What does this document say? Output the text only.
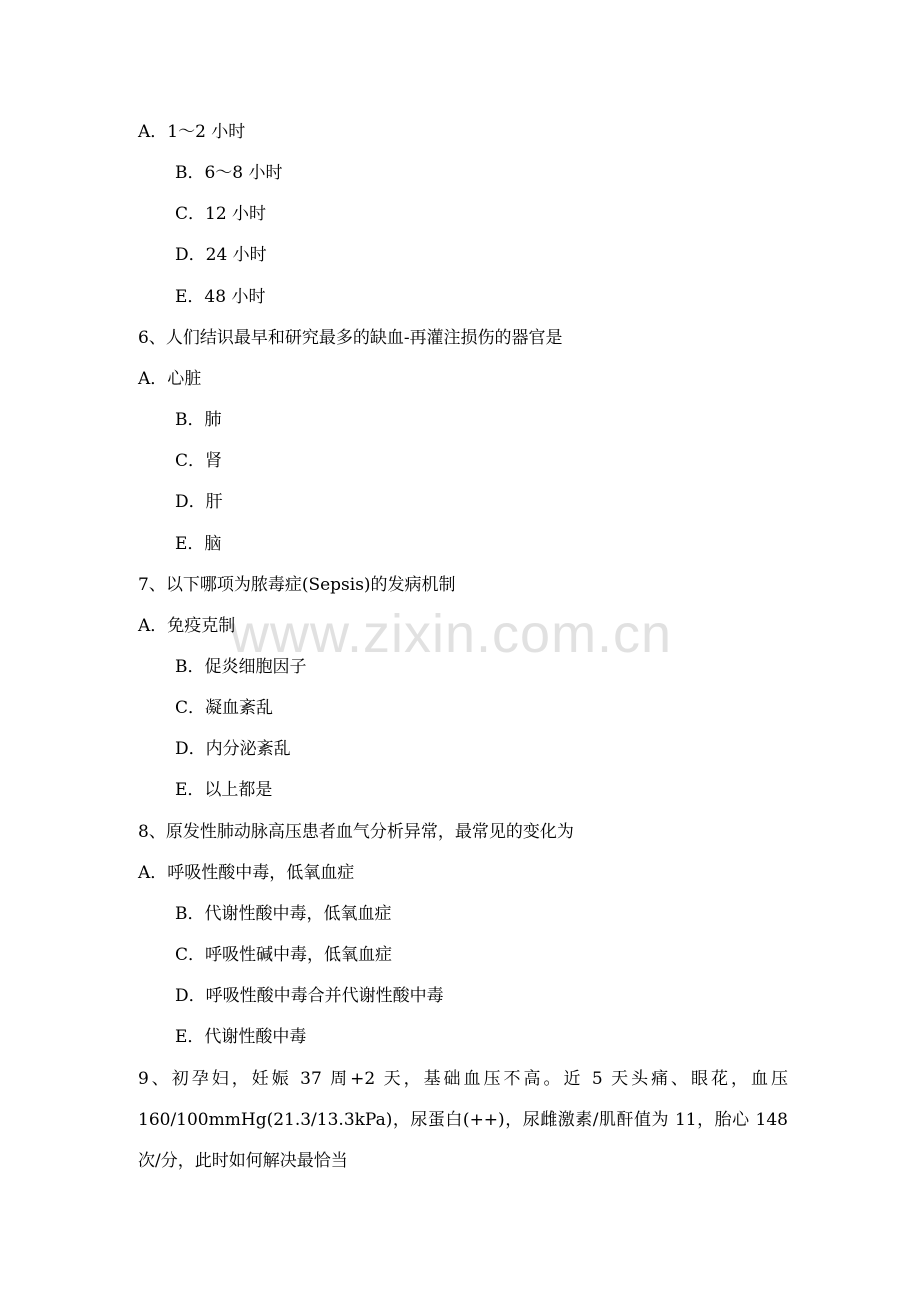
www.zixin.com.cn
A．1～2 小时
B．6～8 小时
C．12 小时
D．24 小时
E．48 小时
6、人们结识最早和研究最多的缺血-再灌注损伤的器官是
A．心脏
B．肺
C．肾
D．肝
E．脑
7、以下哪项为脓毒症(Sepsis)的发病机制
A．免疫克制
B．促炎细胞因子
C．凝血紊乱
D．内分泌紊乱
E．以上都是
8、原发性肺动脉高压患者血气分析异常，最常见的变化为
A．呼吸性酸中毒，低氧血症
B．代谢性酸中毒，低氧血症
C．呼吸性碱中毒，低氧血症
D．呼吸性酸中毒合并代谢性酸中毒
E．代谢性酸中毒
9、初孕妇，妊娠 37 周+2 天，基础血压不高。近 5 天头痛、眼花，血压 160/100mmHg(21.3/13.3kPa)，尿蛋白(++)，尿雌激素/肌酐值为 11，胎心 148 次/分，此时如何解决最恰当
